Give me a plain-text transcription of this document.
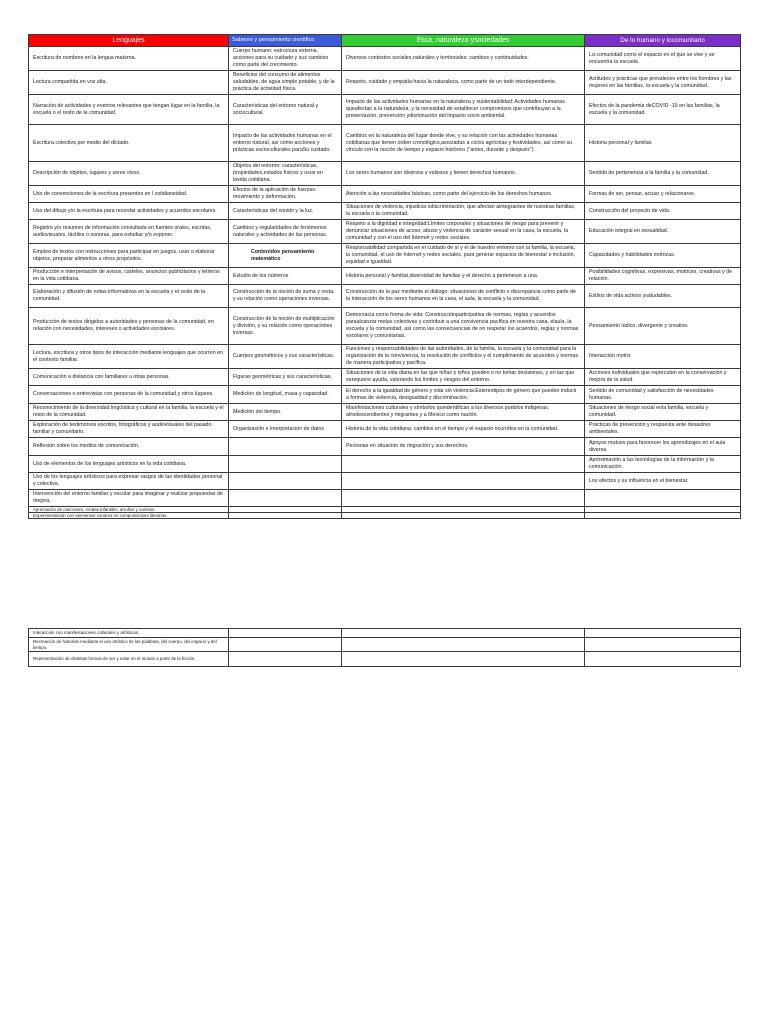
Lenguajes	Saberes y pensamiento científico	Ética, naturaleza ysociedades	De lo humano y locomunitario
Escritura de nombres en la lengua materna.	Cuerpo humano: estructura externa, acciones para su cuidado y sus cambios como parte del crecimiento.	Diversos contextos sociales,naturales y territoriales: cambios y continuidades.	La comunidad como el espacio en el que se vive y se encuentra la escuela.
Lectura compartida en voz alta.	Beneficios del consumo de alimentos saludables, de agua simple potable, y de la práctica de actividad física.	Respeto, cuidado y empatía hacia la naturaleza, como parte de un todo interdependiente.	Actitudes y prácticas que prevalecen entre los hombres y las mujeres en las familias, la escuela y la comunidad.
Narración de actividades y eventos relevantes que tengan lugar en la familia, la escuela o el resto de la comunidad.	Características del entorno natural y sociocultural.	Impacto de las actividades humanas en la naturaleza y sustentabilidad: Actividades humanas queafectan a la naturaleza, y la necesidad de establecer compromisos que contribuyan a la preservación, prevención ydisminución del impacto socio ambiental.	Efectos de la pandemia deCOVID -19 en las familias, la escuela y la comunidad.
Escritura colectiva por medio del dictado.	Impacto de las actividades humanas en el entorno natural, así como acciones y prácticas socioculturales paraSu cuidado.	Cambios en la naturaleza del lugar donde vive, y su relación con las actividades humanas cotidianas que tienen orden cronológico,asociadas a ciclos agrícolas y festividades, así como su vínculo con la noción de tiempo y espacio histórico ("antes, durante y después").	Historia personal y familiar.
Descripción de objetos, lugares y seres vivos.	Objetos del entorno: características, propiedades,estados físicos y usos en lavida cotidiana.	Los seres humanos son diversos y valiosos y tienen derechos humanos.	Sentido de pertenencia a la familia y la comunidad.
Uso de convenciones de la escritura presentes en l cotidianeidad.	Efectos de la aplicación de fuerzas: movimiento y deformación.	Atención a las necesidades básicas, como parte del ejercicio de los derechos humanos.	Formas de ser, pensar, actuar y relacionarse.
Uso del dibujo y/o la escritura para recordar actividades y acuerdos escolares.	Características del sonido y la luz.	Situaciones de violencia, injusticia odiscriminación, que afectan aintegrantes de nuestras familias, la escuela o la comunidad.	Construcción del proyecto de vida.
Registro y/o resumen de información consultada en fuentes orales, escritas, audiovisuales, táctiles o sonoras, para estudiar y/o exponer.	Cambios y regularidades de fenómenos naturales y actividades de las personas.	Respeto a la dignidad e integridad:Límites corporales y situaciones de riesgo para prevenir y denunciar situaciones de acoso, abuso y violencia de carácter sexual en la casa, la escuela, la comunidad y con el uso del Internet y redes sociales.	Educación integral en sexualidad.
Empleo de textos con instrucciones para participar en juegos, usar o elaborar objetos, preparar alimentos u otros propósitos.	Contenidos pensamiento matemático	Responsabilidad compartida en el cuidado de sí y el de nuestro entorno con la familia, la escuela, la comunidad, el uso de Internet y redes sociales, para generar espacios de bienestar e inclusión, equidad e igualdad.	Capacidades y habilidades motrizas.
Producción e interpretación de avisos, carteles, anuncios publicitarios y letreros en la vida cotidiana.	Estudio de los números	Historia personal y familiar,diversidad de familias y el derecho a pertenecer a una.	Posibilidades cognitivas, expresivas, motrices, creativas y de relación.
Elaboración y difusión de notas informativas en la escuela y el resto de la comunidad.	Construcción de la noción de suma y resta, y su relación como operaciones inversas.	Construcción de la paz mediante el diálogo: situaciones de conflicto o discrepancia como parte de la interacción de los seres humanos en la casa, el aula, la escuela y la comunidad.	Estilos de vida activos ysaludables.
Producción de textos dirigidos a autoridades y personas de la comunidad, en relación con necesidades, intereses o actividades escolares.	Construcción de la noción de multiplicación y división, y su relación como operaciones inversas.	Democracia como forma de vida: Construcciónparticipativa de normas, reglas y acuerdos paraalcanzar metas colectivas y contribuir a una convivencia pacífica en nuestra casa, elaula, la escuela y la comunidad, así como las consecuencias de no respetar los acuerdos, reglas y normas escolares y comunitarias.	Pensamiento lúdico, divergente y creativo.
Lectura, escritura y otros tipos de interacción mediante lenguajes que ocurren en el contexto familiar.	Cuerpos geométricos y sus características.	Funciones y responsabilidades de las autoridades, de la familia, la escuela y la comunidad para la organización de la convivencia, la resolución de conflictos y el cumplimiento de acuerdos y normas de manera participativa y pacífica.	Interacción motriz
Comunicación a distancia con familiares u otras personas.	Figuras geométricas y sus características.	Situaciones de la vida diaria en las que niñas y niños pueden o no tomar decisiones, y en las que serequiere ayuda, valorando los límites y riesgos del entorno.	Acciones individuales que repercuten en la conservación y mejora de la salud.
Conversaciones o entrevistas con personas de la comunidad y otros lugares.	Medición de longitud, masa y capacidad.	El derecho a la igualdad de género y vida sin violencia:Estereotipos de género que pueden inducir a formas de violencia, desigualdad y discriminación.	Sentido de comunidad y satisfacción de necesidades humanas.
Reconocimiento de la diversidad lingüística y cultural en la familia, la escuela y el resto de la comunidad.	Medición del tiempo.	Manifestaciones culturales y símbolos queidentifican a los diversos pueblos indígenas, afrodescendientes y migrantes y a México como nación.	Situaciones de riesgo social enla familia, escuela y comunidad.
Exploración de testimonios escritos, fotográficos y audiovisuales del pasado familiar y comunitario.	Organización e interpretación de datos	Historia de la vida cotidiana: cambios en el tiempo y el espacio ocurridos en la comunidad.	Prácticas de prevención y respuesta ante desastres ambientales.
Reflexión sobre los medios de comunicación.		Personas en situación de migración y sus derechos.	Apoyos mutuos para favorecer los aprendizajes en el aula diversa.
Uso de elementos de los lenguajes artísticos en la vida cotidiana.			Aproximación a las tecnologías de la información y la comunicación.
Uso de los lenguajes artísticos para expresar rasgos de las identidades personal y colectiva.			Los efectos y su influencia en el bienestar.
Intervención del entorno familiar y escolar para imaginar y realizar propuestas de mejora.			
Apreciación de canciones, rondas infantiles, arrullos y cuentos.			
Experimentación con elementos sonoros en composiciones literarias.			
Interacción con manifestaciones culturales y artísticas.			
Recreación de historias mediante el uso artístico de las palabras, del cuerpo, del espacio y del tiempo.			
Representación de distintas formas de ser y estar en el mundo a partir de la ficción.			
